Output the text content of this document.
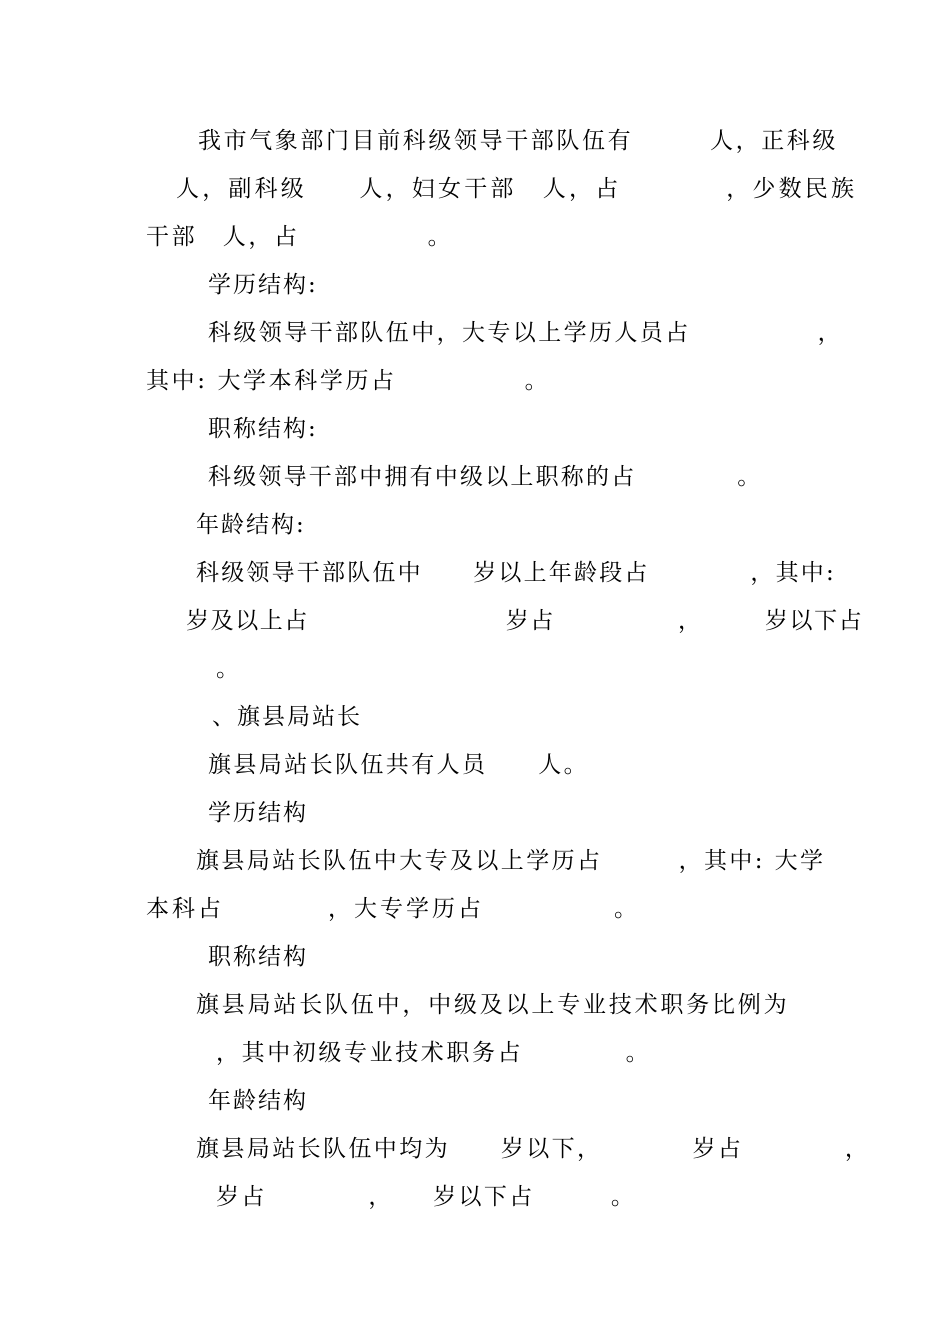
我市气象部门目前科级领导干部队伍有　　　人，正科级
人，副科级　　人，妇女干部　人，占　　　　，少数民族
干部　人，占　　　　　。
学历结构:
科级领导干部队伍中，大专以上学历人员占　　　　　，
其中: 大学本科学历占　　　　　。
职称结构:
科级领导干部中拥有中级以上职称的占　　　　。
年龄结构:
科级领导干部队伍中　　岁以上年龄段占　　　　，其中:
岁及以上占　　　　　　　　岁占　　　　　，　　　岁以下占
。
、旗县局站长
旗县局站长队伍共有人员　　人。
学历结构
旗县局站长队伍中大专及以上学历占　　　，其中: 大学
本科占　　　　，大专学历占　　　　　。
职称结构
旗县局站长队伍中，中级及以上专业技术职务比例为
，其中初级专业技术职务占　　　　。
年龄结构
旗县局站长队伍中均为　　岁以下，　　　　岁占　　　　，
岁占　　　　，　　岁以下占　　　。
